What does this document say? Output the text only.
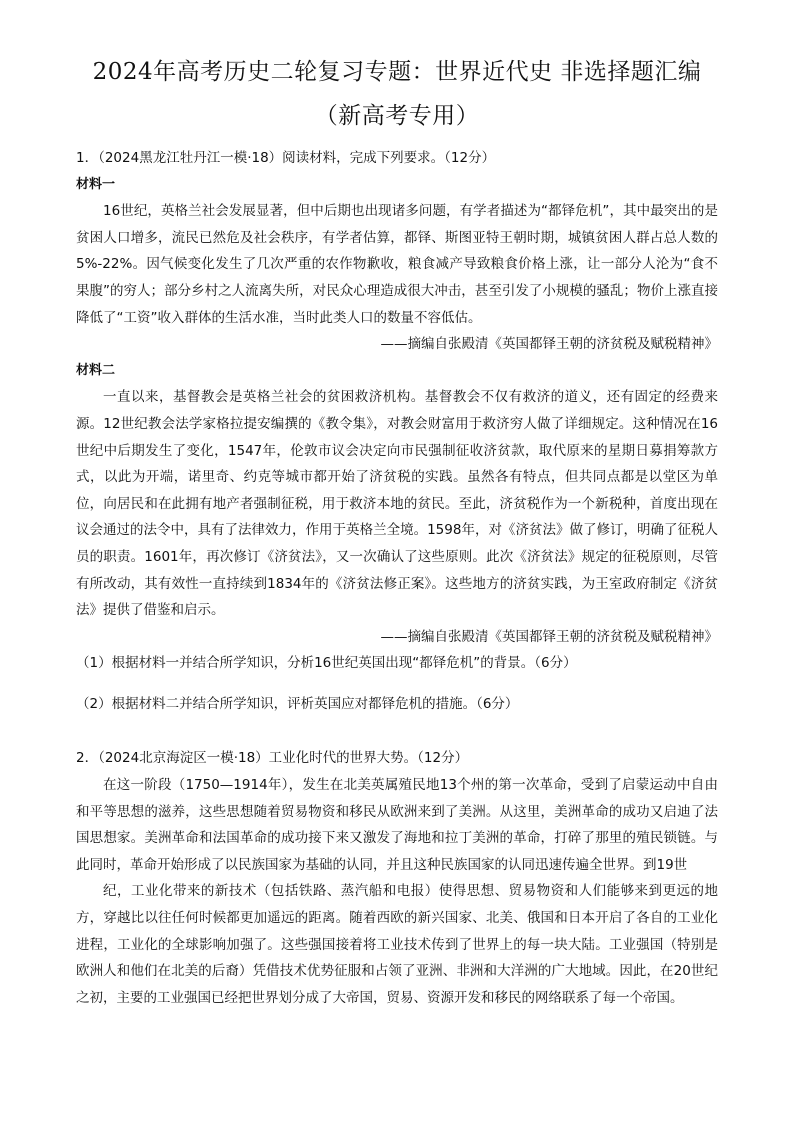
2024年高考历史二轮复习专题：世界近代史 非选择题汇编
（新高考专用）

1．（2024黑龙江牡丹江一模·18）阅读材料，完成下列要求。（12分）

材料一

16世纪，英格兰社会发展显著，但中后期也出现诸多问题，有学者描述为“都铎危机”，其中最突出的是贫困人口增多，流民已然危及社会秩序，有学者估算，都铎、斯图亚特王朝时期，城镇贫困人群占总人数的5%-22%。因气候变化发生了几次严重的农作物歉收，粮食减产导致粮食价格上涨，让一部分人沦为“食不果腹”的穷人；部分乡村之人流离失所，对民众心理造成很大冲击，甚至引发了小规模的骚乱；物价上涨直接降低了“工资”收入群体的生活水准，当时此类人口的数量不容低估。

——摘编自张殿清《英国都铎王朝的济贫税及赋税精神》

材料二

一直以来，基督教会是英格兰社会的贫困救济机构。基督教会不仅有救济的道义，还有固定的经费来源。12世纪教会法学家格拉提安编撰的《教令集》，对教会财富用于救济穷人做了详细规定。这种情况在16世纪中后期发生了变化，1547年，伦敦市议会决定向市民强制征收济贫款，取代原来的星期日募捐筹款方式，以此为开端，诺里奇、约克等城市都开始了济贫税的实践。虽然各有特点，但共同点都是以堂区为单位，向居民和在此拥有地产者强制征税，用于救济本地的贫民。至此，济贫税作为一个新税种，首度出现在议会通过的法令中，具有了法律效力，作用于英格兰全境。1598年，对《济贫法》做了修订，明确了征税人员的职责。1601年，再次修订《济贫法》，又一次确认了这些原则。此次《济贫法》规定的征税原则，尽管有所改动，其有效性一直持续到1834年的《济贫法修正案》。这些地方的济贫实践，为王室政府制定《济贫法》提供了借鉴和启示。

——摘编自张殿清《英国都铎王朝的济贫税及赋税精神》

（1）根据材料一并结合所学知识，分析16世纪英国出现“都铎危机”的背景。（6分）

（2）根据材料二并结合所学知识，评析英国应对都铎危机的措施。（6分）

2．（2024北京海淀区一模·18）工业化时代的世界大势。（12分）

在这一阶段（1750—1914年），发生在北美英属殖民地13个州的第一次革命，受到了启蒙运动中自由和平等思想的滋养，这些思想随着贸易物资和移民从欧洲来到了美洲。从这里，美洲革命的成功又启迪了法国思想家。美洲革命和法国革命的成功接下来又激发了海地和拉丁美洲的革命，打碎了那里的殖民锁链。与此同时，革命开始形成了以民族国家为基础的认同，并且这种民族国家的认同迅速传遍全世界。到19世

纪，工业化带来的新技术（包括铁路、蒸汽船和电报）使得思想、贸易物资和人们能够来到更远的地方，穿越比以往任何时候都更加遥远的距离。随着西欧的新兴国家、北美、俄国和日本开启了各自的工业化进程，工业化的全球影响加强了。这些强国接着将工业技术传到了世界上的每一块大陆。工业强国（特别是欧洲人和他们在北美的后裔）凭借技术优势征服和占领了亚洲、非洲和大洋洲的广大地域。因此，在20世纪之初，主要的工业强国已经把世界划分成了大帝国，贸易、资源开发和移民的网络联系了每一个帝国。
